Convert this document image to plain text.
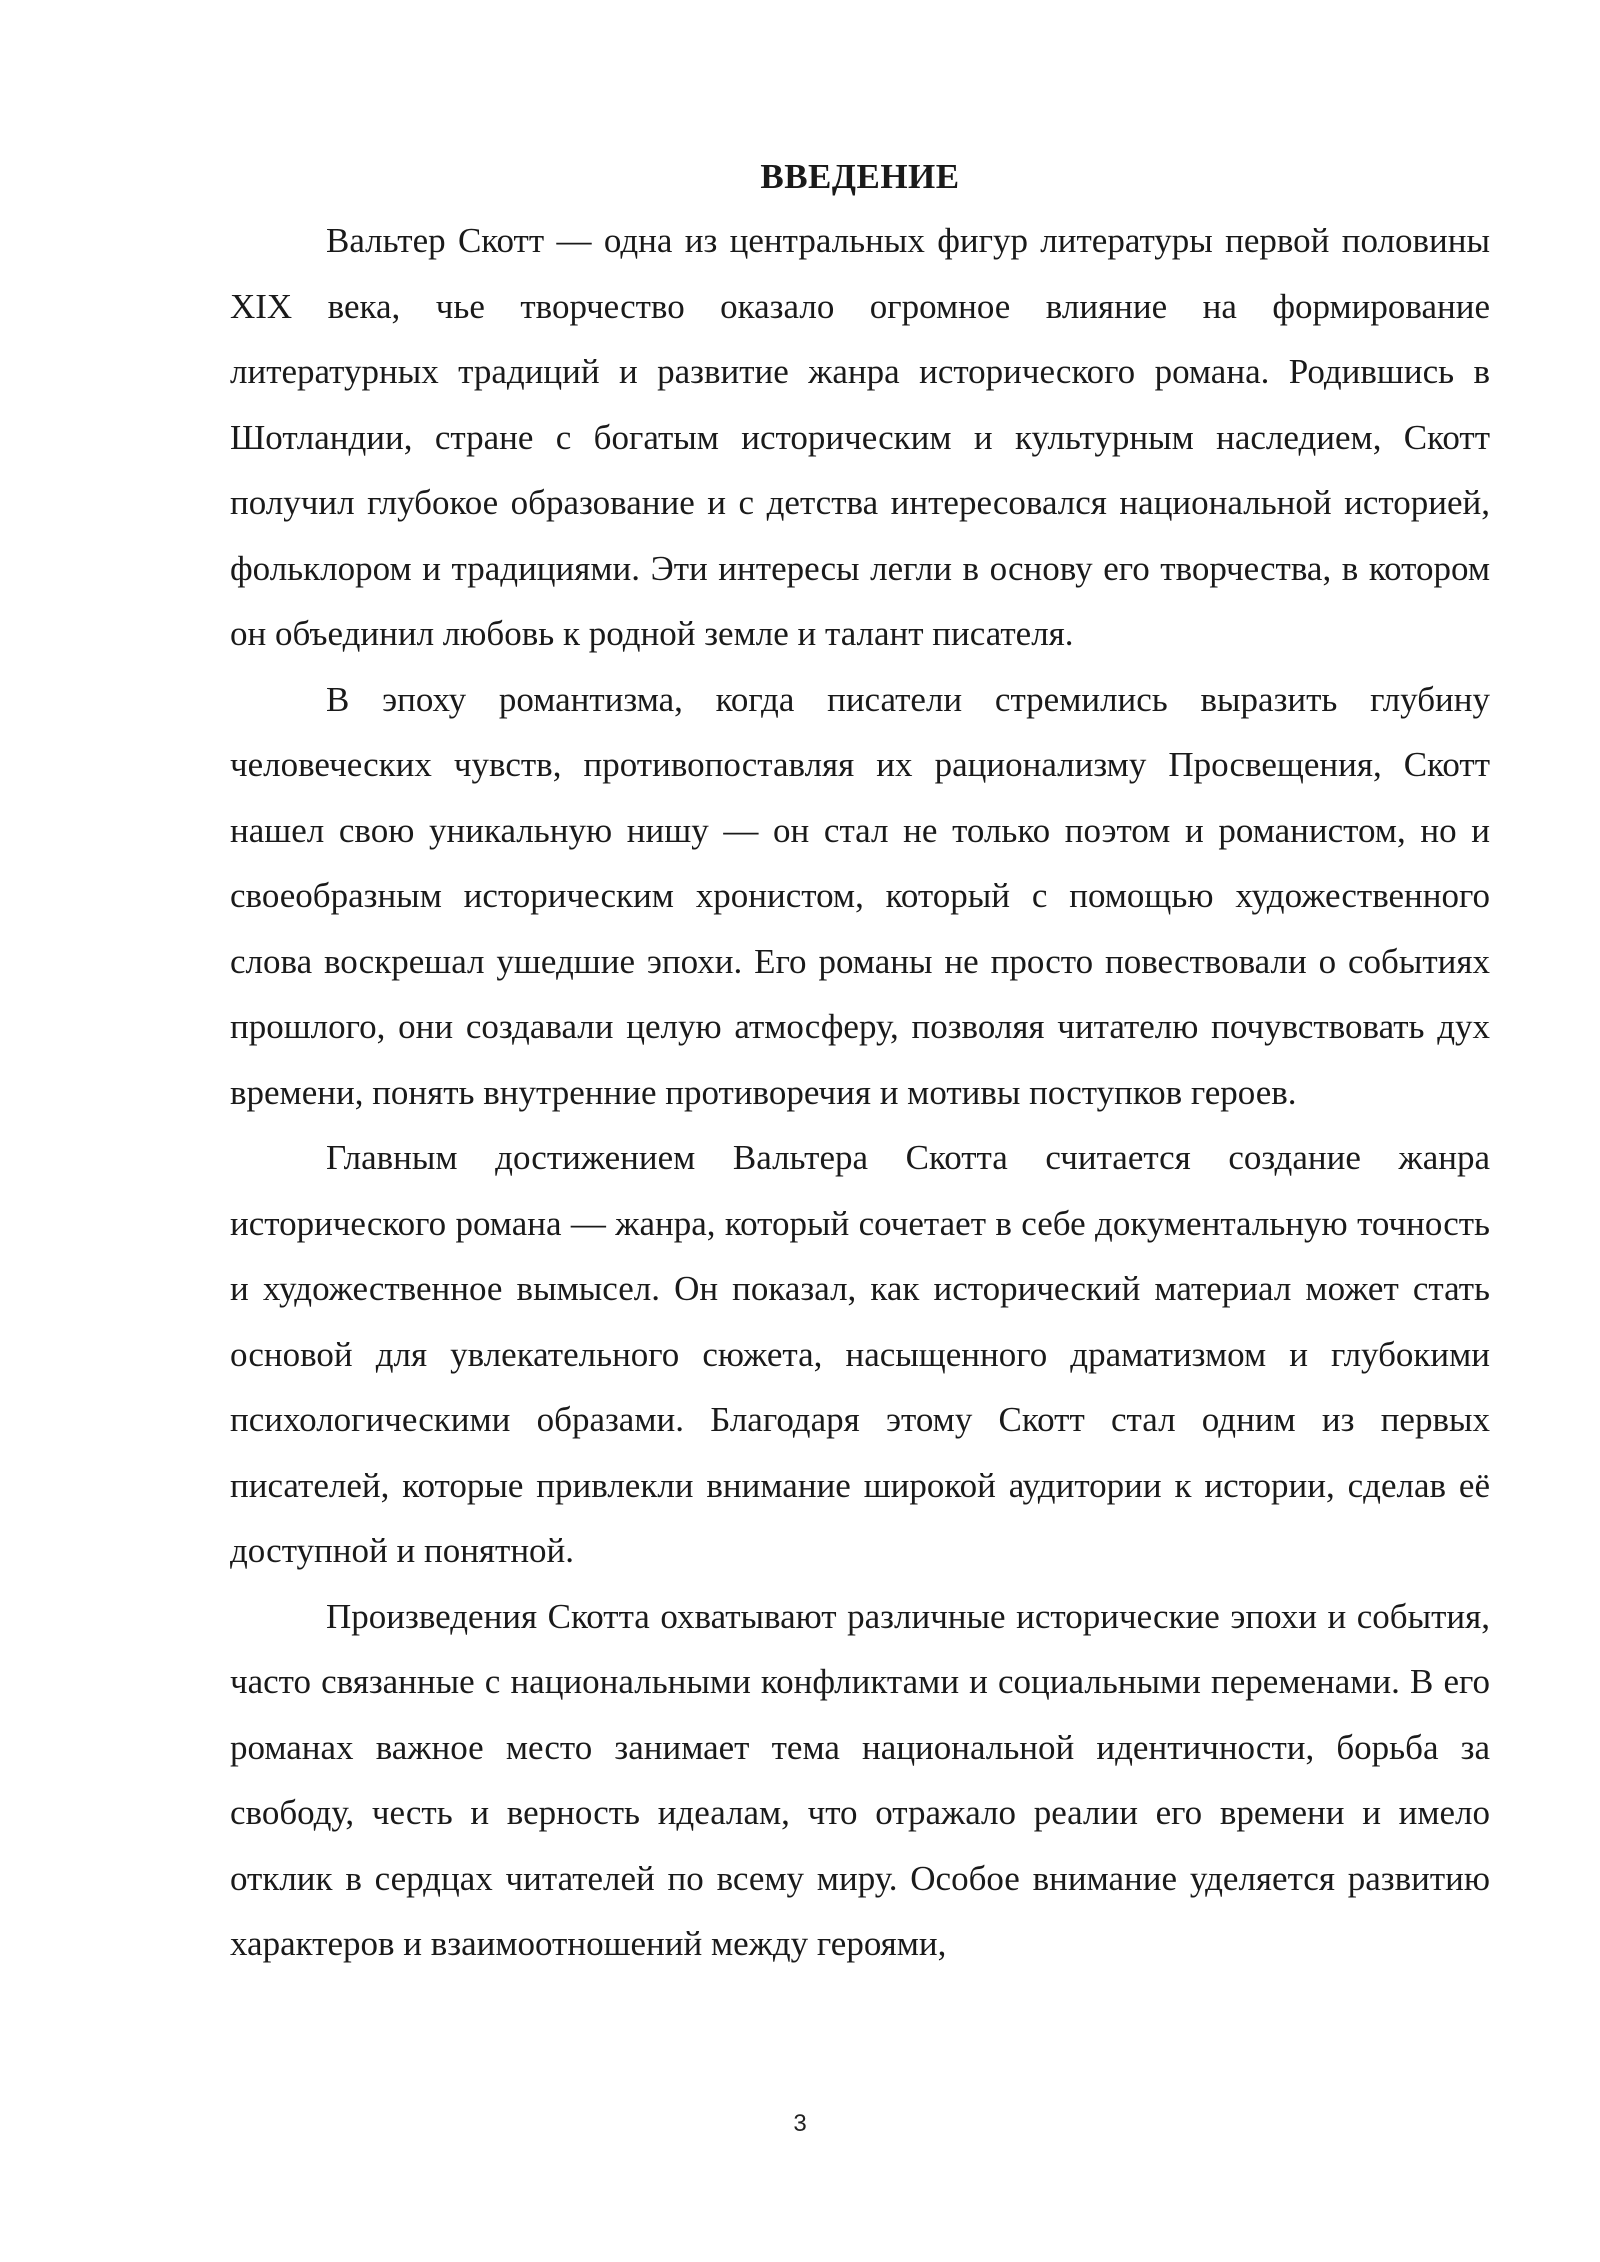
ВВЕДЕНИЕ

Вальтер Скотт — одна из центральных фигур литературы первой половины XIX века, чье творчество оказало огромное влияние на формирование литературных традиций и развитие жанра исторического романа. Родившись в Шотландии, стране с богатым историческим и культурным наследием, Скотт получил глубокое образование и с детства интересовался национальной историей, фольклором и традициями. Эти интересы легли в основу его творчества, в котором он объединил любовь к родной земле и талант писателя.

В эпоху романтизма, когда писатели стремились выразить глубину человеческих чувств, противопоставляя их рационализму Просвещения, Скотт нашел свою уникальную нишу — он стал не только поэтом и романистом, но и своеобразным историческим хронистом, который с помощью художественного слова воскрешал ушедшие эпохи. Его романы не просто повествовали о событиях прошлого, они создавали целую атмосферу, позволяя читателю почувствовать дух времени, понять внутренние противоречия и мотивы поступков героев.

Главным достижением Вальтера Скотта считается создание жанра исторического романа — жанра, который сочетает в себе документальную точность и художественное вымысел. Он показал, как исторический материал может стать основой для увлекательного сюжета, насыщенного драматизмом и глубокими психологическими образами. Благодаря этому Скотт стал одним из первых писателей, которые привлекли внимание широкой аудитории к истории, сделав её доступной и понятной.

Произведения Скотта охватывают различные исторические эпохи и события, часто связанные с национальными конфликтами и социальными переменами. В его романах важное место занимает тема национальной идентичности, борьба за свободу, честь и верность идеалам, что отражало реалии его времени и имело отклик в сердцах читателей по всему миру. Особое внимание уделяется развитию характеров и взаимоотношений между героями,

3
